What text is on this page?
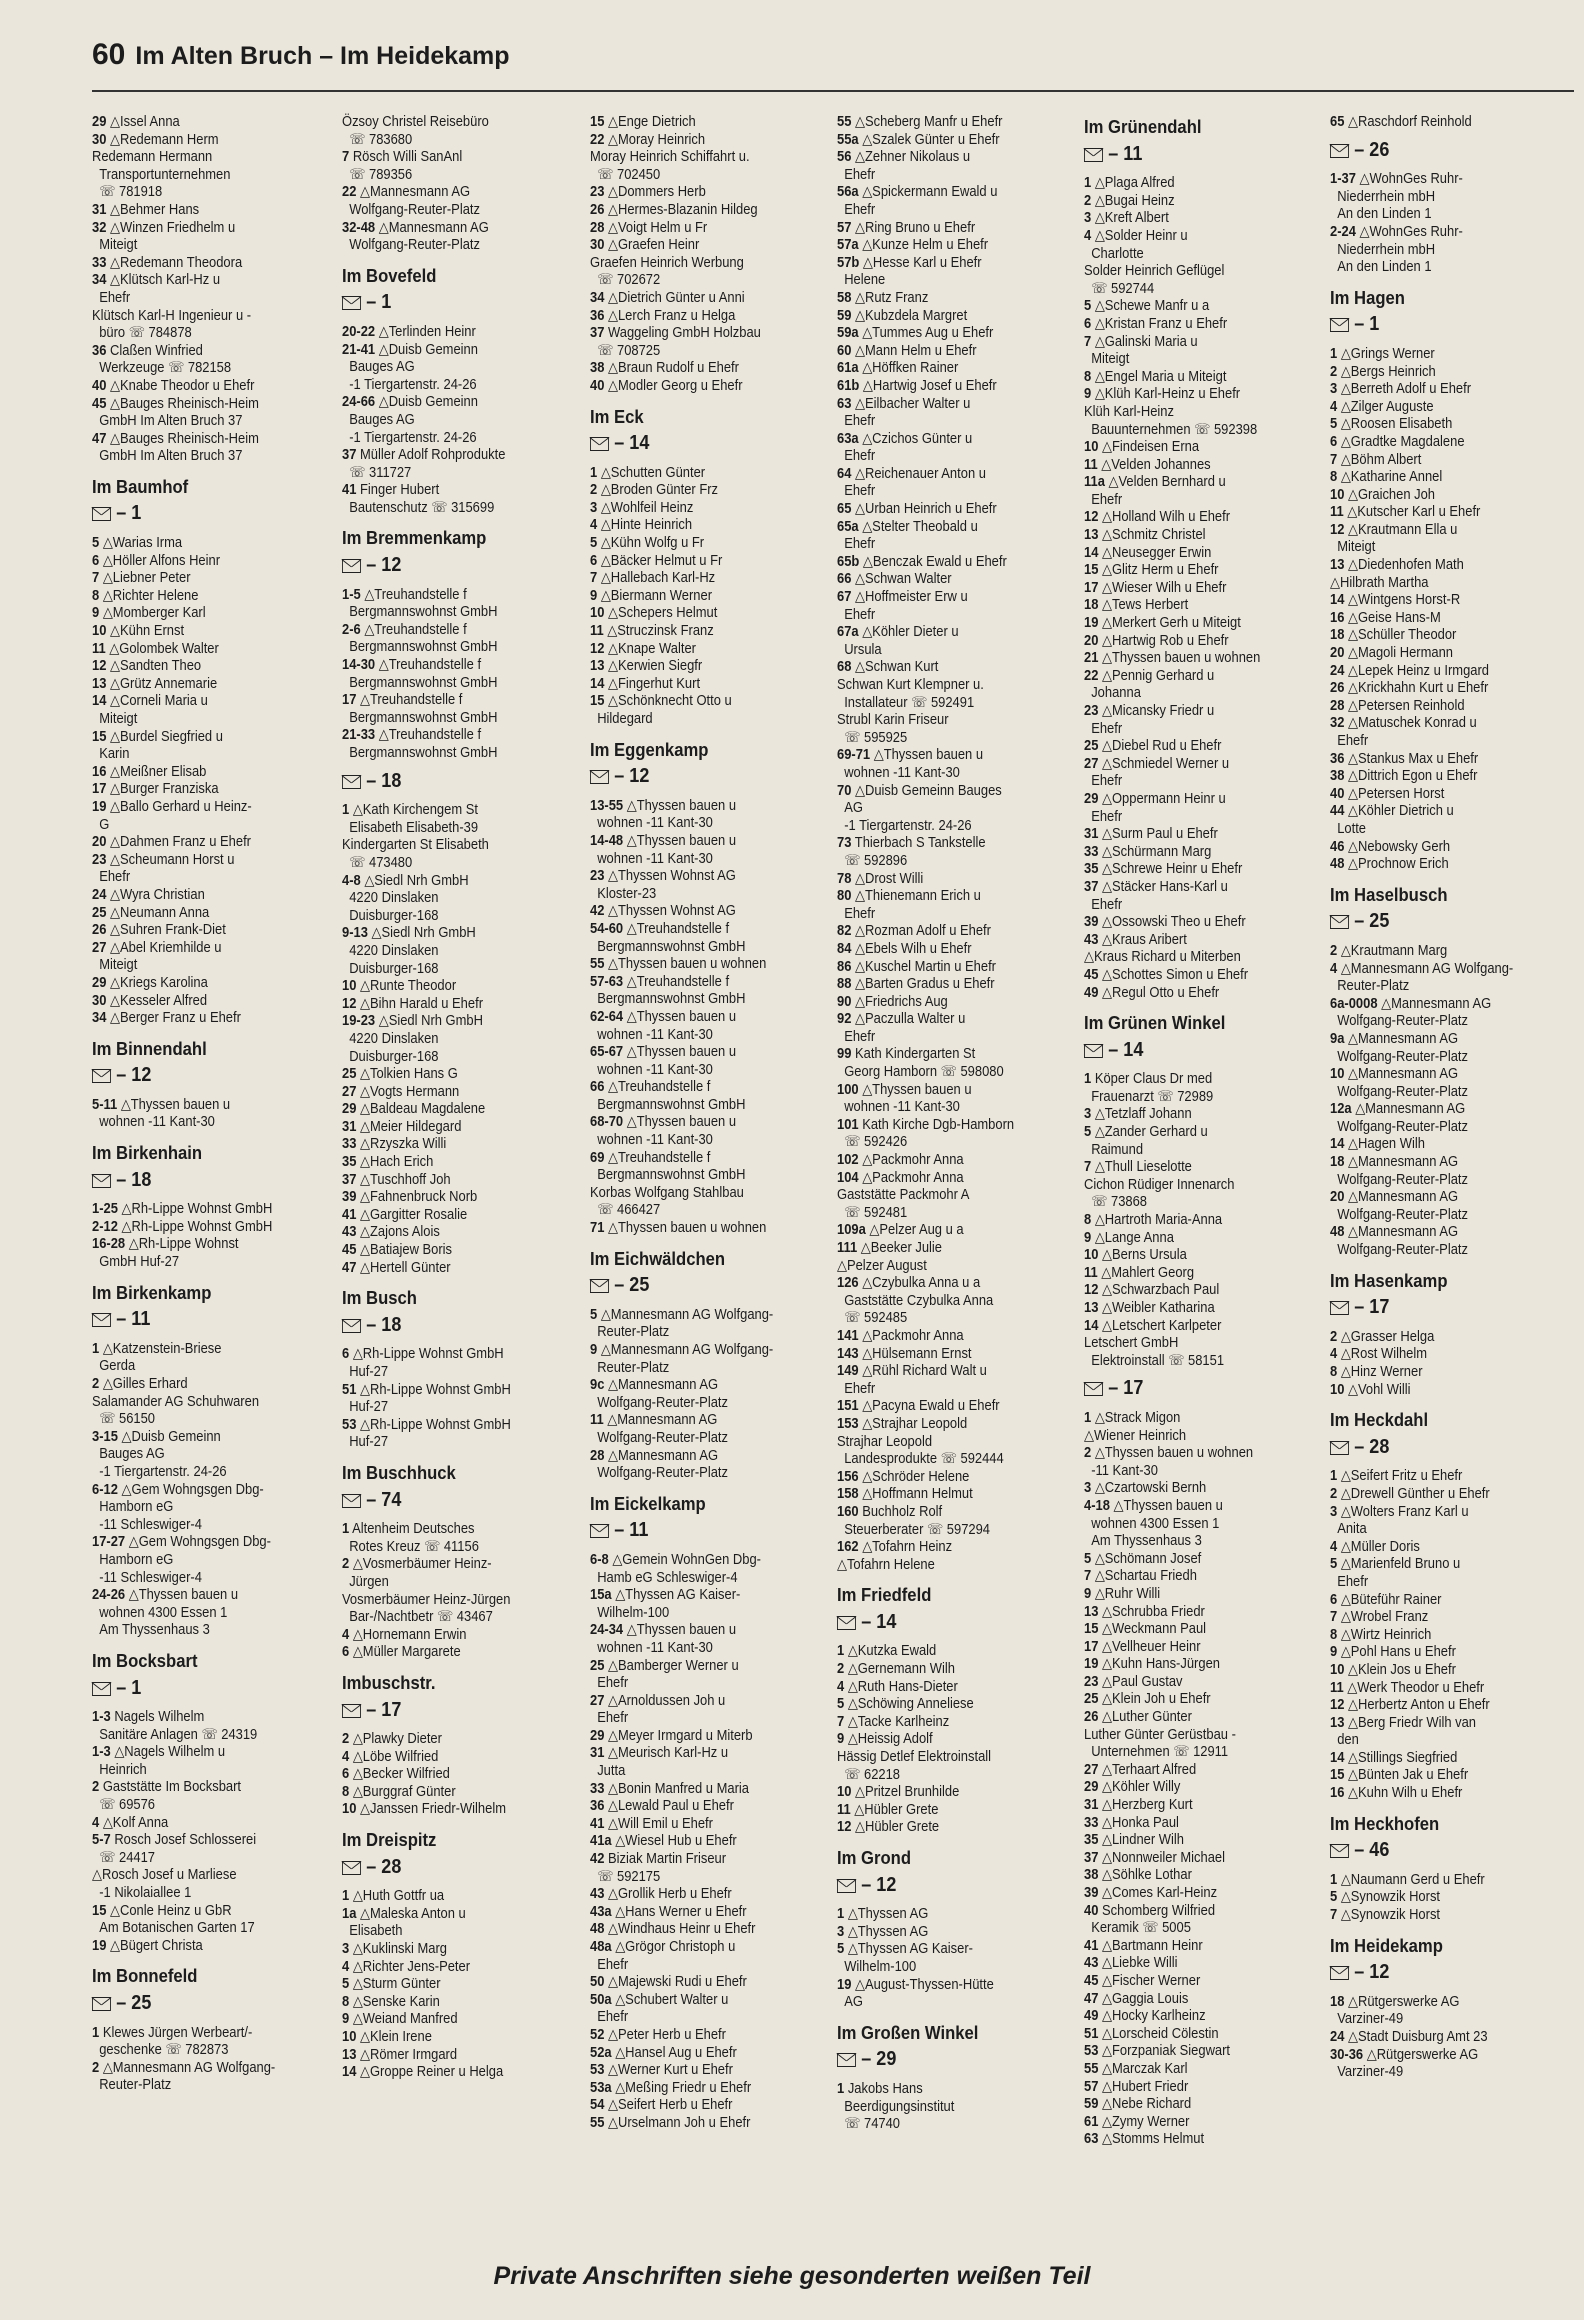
60 Im Alten Bruch – Im Heidekamp
29 △Issel Anna
30 △Redemann Herm
Redemann Hermann
Transportunternehmen
☏ 781918
31 △Behmer Hans
32 △Winzen Friedhelm u
Miteigt
33 △Redemann Theodora
34 △Klütsch Karl-Hz u
Ehefr
Klütsch Karl-H Ingenieur u -
büro ☏ 784878
36 Claßen Winfried
Werkzeuge ☏ 782158
40 △Knabe Theodor u Ehefr
45 △Bauges Rheinisch-Heim
GmbH Im Alten Bruch 37
47 △Bauges Rheinisch-Heim
GmbH Im Alten Bruch 37
Im Baumhof
– 1
5 △Warias Irma
6 △Höller Alfons Heinr
7 △Liebner Peter
8 △Richter Helene
9 △Momberger Karl
10 △Kühn Ernst
11 △Golombek Walter
12 △Sandten Theo
13 △Grütz Annemarie
14 △Corneli Maria u
Miteigt
15 △Burdel Siegfried u
Karin
16 △Meißner Elisab
17 △Burger Franziska
19 △Ballo Gerhard u Heinz-
G
20 △Dahmen Franz u Ehefr
23 △Scheumann Horst u
Ehefr
24 △Wyra Christian
25 △Neumann Anna
26 △Suhren Frank-Diet
27 △Abel Kriemhilde u
Miteigt
29 △Kriegs Karolina
30 △Kesseler Alfred
34 △Berger Franz u Ehefr
Im Binnendahl
– 12
5-11 △Thyssen bauen u
wohnen -11 Kant-30
Im Birkenhain
– 18
1-25 △Rh-Lippe Wohnst GmbH
2-12 △Rh-Lippe Wohnst GmbH
16-28 △Rh-Lippe Wohnst
GmbH Huf-27
Im Birkenkamp
– 11
1 △Katzenstein-Briese
Gerda
2 △Gilles Erhard
Salamander AG Schuhwaren
☏ 56150
3-15 △Duisb Gemeinn
Bauges AG
-1 Tiergartenstr. 24-26
6-12 △Gem Wohngsgen Dbg-
Hamborn eG
-11 Schleswiger-4
17-27 △Gem Wohngsgen Dbg-
Hamborn eG
-11 Schleswiger-4
24-26 △Thyssen bauen u
wohnen 4300 Essen 1
Am Thyssenhaus 3
Im Bocksbart
– 1
1-3 Nagels Wilhelm
Sanitäre Anlagen ☏ 24319
1-3 △Nagels Wilhelm u
Heinrich
2 Gaststätte Im Bocksbart
☏ 69576
4 △Kolf Anna
5-7 Rosch Josef Schlosserei
☏ 24417
△Rosch Josef u Marliese
-1 Nikolaiallee 1
15 △Conle Heinz u GbR
Am Botanischen Garten 17
19 △Bügert Christa
Im Bonnefeld
– 25
1 Klewes Jürgen Werbeart/-
geschenke ☏ 782873
2 △Mannesmann AG Wolfgang-
Reuter-Platz
Özsoy Christel Reisebüro
☏ 783680
7 Rösch Willi SanAnl
☏ 789356
22 △Mannesmann AG
Wolfgang-Reuter-Platz
32-48 △Mannesmann AG
Wolfgang-Reuter-Platz
Im Bovefeld
– 1
20-22 △Terlinden Heinr
21-41 △Duisb Gemeinn
Bauges AG
-1 Tiergartenstr. 24-26
24-66 △Duisb Gemeinn
Bauges AG
-1 Tiergartenstr. 24-26
37 Müller Adolf Rohprodukte
☏ 311727
41 Finger Hubert
Bautenschutz ☏ 315699
Im Bremmenkamp
– 12
1-5 △Treuhandstelle f
Bergmannswohnst GmbH
2-6 △Treuhandstelle f
Bergmannswohnst GmbH
14-30 △Treuhandstelle f
Bergmannswohnst GmbH
17 △Treuhandstelle f
Bergmannswohnst GmbH
21-33 △Treuhandstelle f
Bergmannswohnst GmbH
– 18
1 △Kath Kirchengem St
Elisabeth Elisabeth-39
Kindergarten St Elisabeth
☏ 473480
4-8 △Siedl Nrh GmbH
4220 Dinslaken
Duisburger-168
9-13 △Siedl Nrh GmbH
4220 Dinslaken
Duisburger-168
10 △Runte Theodor
12 △Bihn Harald u Ehefr
19-23 △Siedl Nrh GmbH
4220 Dinslaken
Duisburger-168
25 △Tolkien Hans G
27 △Vogts Hermann
29 △Baldeau Magdalene
31 △Meier Hildegard
33 △Rzyszka Willi
35 △Hach Erich
37 △Tuschhoff Joh
39 △Fahnenbruck Norb
41 △Gargitter Rosalie
43 △Zajons Alois
45 △Batiajew Boris
47 △Hertell Günter
Im Busch
– 18
6 △Rh-Lippe Wohnst GmbH
Huf-27
51 △Rh-Lippe Wohnst GmbH
Huf-27
53 △Rh-Lippe Wohnst GmbH
Huf-27
Im Buschhuck
– 74
1 Altenheim Deutsches
Rotes Kreuz ☏ 41156
2 △Vosmerbäumer Heinz-
Jürgen
Vosmerbäumer Heinz-Jürgen
Bar-/Nachtbetr ☏ 43467
4 △Hornemann Erwin
6 △Müller Margarete
Imbuschstr.
– 17
2 △Plawky Dieter
4 △Löbe Wilfried
6 △Becker Wilfried
8 △Burggraf Günter
10 △Janssen Friedr-Wilhelm
Im Dreispitz
– 28
1 △Huth Gottfr ua
1a △Maleska Anton u
Elisabeth
3 △Kuklinski Marg
4 △Richter Jens-Peter
5 △Sturm Günter
8 △Senske Karin
9 △Weiand Manfred
10 △Klein Irene
13 △Römer Irmgard
14 △Groppe Reiner u Helga
15 △Enge Dietrich
22 △Moray Heinrich
Moray Heinrich Schiffahrt u.
☏ 702450
23 △Dommers Herb
26 △Hermes-Blazanin Hildeg
28 △Voigt Helm u Fr
30 △Graefen Heinr
Graefen Heinrich Werbung
☏ 702672
34 △Dietrich Günter u Anni
36 △Lerch Franz u Helga
37 Waggeling GmbH Holzbau
☏ 708725
38 △Braun Rudolf u Ehefr
40 △Modler Georg u Ehefr
Im Eck
– 14
1 △Schutten Günter
2 △Broden Günter Frz
3 △Wohlfeil Heinz
4 △Hinte Heinrich
5 △Kühn Wolfg u Fr
6 △Bäcker Helmut u Fr
7 △Hallebach Karl-Hz
9 △Biermann Werner
10 △Schepers Helmut
11 △Struczinsk Franz
12 △Knape Walter
13 △Kerwien Siegfr
14 △Fingerhut Kurt
15 △Schönknecht Otto u
Hildegard
Im Eggenkamp
– 12
13-55 △Thyssen bauen u
wohnen -11 Kant-30
14-48 △Thyssen bauen u
wohnen -11 Kant-30
23 △Thyssen Wohnst AG
Kloster-23
42 △Thyssen Wohnst AG
54-60 △Treuhandstelle f
Bergmannswohnst GmbH
55 △Thyssen bauen u wohnen
57-63 △Treuhandstelle f
Bergmannswohnst GmbH
62-64 △Thyssen bauen u
wohnen -11 Kant-30
65-67 △Thyssen bauen u
wohnen -11 Kant-30
66 △Treuhandstelle f
Bergmannswohnst GmbH
68-70 △Thyssen bauen u
wohnen -11 Kant-30
69 △Treuhandstelle f
Bergmannswohnst GmbH
Korbas Wolfgang Stahlbau
☏ 466427
71 △Thyssen bauen u wohnen
Im Eichwäldchen
– 25
5 △Mannesmann AG Wolfgang-
Reuter-Platz
9 △Mannesmann AG Wolfgang-
Reuter-Platz
9c △Mannesmann AG
Wolfgang-Reuter-Platz
11 △Mannesmann AG
Wolfgang-Reuter-Platz
28 △Mannesmann AG
Wolfgang-Reuter-Platz
Im Eickelkamp
– 11
6-8 △Gemein WohnGen Dbg-
Hamb eG Schleswiger-4
15a △Thyssen AG Kaiser-
Wilhelm-100
24-34 △Thyssen bauen u
wohnen -11 Kant-30
25 △Bamberger Werner u
Ehefr
27 △Arnoldussen Joh u
Ehefr
29 △Meyer Irmgard u Miterb
31 △Meurisch Karl-Hz u
Jutta
33 △Bonin Manfred u Maria
36 △Lewald Paul u Ehefr
41 △Will Emil u Ehefr
41a △Wiesel Hub u Ehefr
42 Biziak Martin Friseur
☏ 592175
43 △Grollik Herb u Ehefr
43a △Hans Werner u Ehefr
48 △Windhaus Heinr u Ehefr
48a △Grögor Christoph u
Ehefr
50 △Majewski Rudi u Ehefr
50a △Schubert Walter u
Ehefr
52 △Peter Herb u Ehefr
52a △Hansel Aug u Ehefr
53 △Werner Kurt u Ehefr
53a △Meßing Friedr u Ehefr
54 △Seifert Herb u Ehefr
55 △Urselmann Joh u Ehefr
55 △Scheberg Manfr u Ehefr
55a △Szalek Günter u Ehefr
56 △Zehner Nikolaus u
Ehefr
56a △Spickermann Ewald u
Ehefr
57 △Ring Bruno u Ehefr
57a △Kunze Helm u Ehefr
57b △Hesse Karl u Ehefr
Helene
58 △Rutz Franz
59 △Kubzdela Margret
59a △Tummes Aug u Ehefr
60 △Mann Helm u Ehefr
61a △Höffken Rainer
61b △Hartwig Josef u Ehefr
63 △Eilbacher Walter u
Ehefr
63a △Czichos Günter u
Ehefr
64 △Reichenauer Anton u
Ehefr
65 △Urban Heinrich u Ehefr
65a △Stelter Theobald u
Ehefr
65b △Benczak Ewald u Ehefr
66 △Schwan Walter
67 △Hoffmeister Erw u
Ehefr
67a △Köhler Dieter u
Ursula
68 △Schwan Kurt
Schwan Kurt Klempner u.
Installateur ☏ 592491
Strubl Karin Friseur
☏ 595925
69-71 △Thyssen bauen u
wohnen -11 Kant-30
70 △Duisb Gemeinn Bauges
AG
-1 Tiergartenstr. 24-26
73 Thierbach S Tankstelle
☏ 592896
78 △Drost Willi
80 △Thienemann Erich u
Ehefr
82 △Rozman Adolf u Ehefr
84 △Ebels Wilh u Ehefr
86 △Kuschel Martin u Ehefr
88 △Barten Gradus u Ehefr
90 △Friedrichs Aug
92 △Paczulla Walter u
Ehefr
99 Kath Kindergarten St
Georg Hamborn ☏ 598080
100 △Thyssen bauen u
wohnen -11 Kant-30
101 Kath Kirche Dgb-Hamborn
☏ 592426
102 △Packmohr Anna
104 △Packmohr Anna
Gaststätte Packmohr A
☏ 592481
109a △Pelzer Aug u a
111 △Beeker Julie
△Pelzer August
126 △Czybulka Anna u a
Gaststätte Czybulka Anna
☏ 592485
141 △Packmohr Anna
143 △Hülsemann Ernst
149 △Rühl Richard Walt u
Ehefr
151 △Pacyna Ewald u Ehefr
153 △Strajhar Leopold
Strajhar Leopold
Landesprodukte ☏ 592444
156 △Schröder Helene
158 △Hoffmann Helmut
160 Buchholz Rolf
Steuerberater ☏ 597294
162 △Tofahrn Heinz
△Tofahrn Helene
Im Friedfeld
– 14
1 △Kutzka Ewald
2 △Gernemann Wilh
4 △Ruth Hans-Dieter
5 △Schöwing Anneliese
7 △Tacke Karlheinz
9 △Heissig Adolf
Hässig Detlef Elektroinstall
☏ 62218
10 △Pritzel Brunhilde
11 △Hübler Grete
12 △Hübler Grete
Im Grond
– 12
1 △Thyssen AG
3 △Thyssen AG
5 △Thyssen AG Kaiser-
Wilhelm-100
19 △August-Thyssen-Hütte
AG
Im Großen Winkel
– 29
1 Jakobs Hans
Beerdigungsinstitut
☏ 74740
Im Grünendahl
– 11
1 △Plaga Alfred
2 △Bugai Heinz
3 △Kreft Albert
4 △Solder Heinr u
Charlotte
Solder Heinrich Geflügel
☏ 592744
5 △Schewe Manfr u a
6 △Kristan Franz u Ehefr
7 △Galinski Maria u
Miteigt
8 △Engel Maria u Miteigt
9 △Klüh Karl-Heinz u Ehefr
Klüh Karl-Heinz
Bauunternehmen ☏ 592398
10 △Findeisen Erna
11 △Velden Johannes
11a △Velden Bernhard u
Ehefr
12 △Holland Wilh u Ehefr
13 △Schmitz Christel
14 △Neusegger Erwin
15 △Glitz Herm u Ehefr
17 △Wieser Wilh u Ehefr
18 △Tews Herbert
19 △Merkert Gerh u Miteigt
20 △Hartwig Rob u Ehefr
21 △Thyssen bauen u wohnen
22 △Pennig Gerhard u
Johanna
23 △Micansky Friedr u
Ehefr
25 △Diebel Rud u Ehefr
27 △Schmiedel Werner u
Ehefr
29 △Oppermann Heinr u
Ehefr
31 △Surm Paul u Ehefr
33 △Schürmann Marg
35 △Schrewe Heinr u Ehefr
37 △Stäcker Hans-Karl u
Ehefr
39 △Ossowski Theo u Ehefr
43 △Kraus Aribert
△Kraus Richard u Miterben
45 △Schottes Simon u Ehefr
49 △Regul Otto u Ehefr
Im Grünen Winkel
– 14
1 Köper Claus Dr med
Frauenarzt ☏ 72989
3 △Tetzlaff Johann
5 △Zander Gerhard u
Raimund
7 △Thull Lieselotte
Cichon Rüdiger Innenarch
☏ 73868
8 △Hartroth Maria-Anna
9 △Lange Anna
10 △Berns Ursula
11 △Mahlert Georg
12 △Schwarzbach Paul
13 △Weibler Katharina
14 △Letschert Karlpeter
Letschert GmbH
Elektroinstall ☏ 58151
– 17
1 △Strack Migon
△Wiener Heinrich
2 △Thyssen bauen u wohnen
-11 Kant-30
3 △Czartowski Bernh
4-18 △Thyssen bauen u
wohnen 4300 Essen 1
Am Thyssenhaus 3
5 △Schömann Josef
7 △Schartau Friedh
9 △Ruhr Willi
13 △Schrubba Friedr
15 △Weckmann Paul
17 △Vellheuer Heinr
19 △Kuhn Hans-Jürgen
23 △Paul Gustav
25 △Klein Joh u Ehefr
26 △Luther Günter
Luther Günter Gerüstbau -
Unternehmen ☏ 12911
27 △Terhaart Alfred
29 △Köhler Willy
31 △Herzberg Kurt
33 △Honka Paul
35 △Lindner Wilh
37 △Nonnweiler Michael
38 △Söhlke Lothar
39 △Comes Karl-Heinz
40 Schomberg Wilfried
Keramik ☏ 5005
41 △Bartmann Heinr
43 △Liebke Willi
45 △Fischer Werner
47 △Gaggia Louis
49 △Hocky Karlheinz
51 △Lorscheid Cölestin
53 △Forzpaniak Siegwart
55 △Marczak Karl
57 △Hubert Friedr
59 △Nebe Richard
61 △Zymy Werner
63 △Stomms Helmut
65 △Raschdorf Reinhold
– 26
1-37 △WohnGes Ruhr-
Niederrhein mbH
An den Linden 1
2-24 △WohnGes Ruhr-
Niederrhein mbH
An den Linden 1
Im Hagen
– 1
1 △Grings Werner
2 △Bergs Heinrich
3 △Berreth Adolf u Ehefr
4 △Zilger Auguste
5 △Roosen Elisabeth
6 △Gradtke Magdalene
7 △Böhm Albert
8 △Katharine Annel
10 △Graichen Joh
11 △Kutscher Karl u Ehefr
12 △Krautmann Ella u
Miteigt
13 △Diedenhofen Math
△Hilbrath Martha
14 △Wintgens Horst-R
16 △Geise Hans-M
18 △Schüller Theodor
20 △Magoli Hermann
24 △Lepek Heinz u Irmgard
26 △Krickhahn Kurt u Ehefr
28 △Petersen Reinhold
32 △Matuschek Konrad u
Ehefr
36 △Stankus Max u Ehefr
38 △Dittrich Egon u Ehefr
40 △Petersen Horst
44 △Köhler Dietrich u
Lotte
46 △Nebowsky Gerh
48 △Prochnow Erich
Im Haselbusch
– 25
2 △Krautmann Marg
4 △Mannesmann AG Wolfgang-
Reuter-Platz
6a-0008 △Mannesmann AG
Wolfgang-Reuter-Platz
9a △Mannesmann AG
Wolfgang-Reuter-Platz
10 △Mannesmann AG
Wolfgang-Reuter-Platz
12a △Mannesmann AG
Wolfgang-Reuter-Platz
14 △Hagen Wilh
18 △Mannesmann AG
Wolfgang-Reuter-Platz
20 △Mannesmann AG
Wolfgang-Reuter-Platz
48 △Mannesmann AG
Wolfgang-Reuter-Platz
Im Hasenkamp
– 17
2 △Grasser Helga
4 △Rost Wilhelm
8 △Hinz Werner
10 △Vohl Willi
Im Heckdahl
– 28
1 △Seifert Fritz u Ehefr
2 △Drewell Günther u Ehefr
3 △Wolters Franz Karl u
Anita
4 △Müller Doris
5 △Marienfeld Bruno u
Ehefr
6 △Büteführ Rainer
7 △Wrobel Franz
8 △Wirtz Heinrich
9 △Pohl Hans u Ehefr
10 △Klein Jos u Ehefr
11 △Werk Theodor u Ehefr
12 △Herbertz Anton u Ehefr
13 △Berg Friedr Wilh van
den
14 △Stillings Siegfried
15 △Bünten Jak u Ehefr
16 △Kuhn Wilh u Ehefr
Im Heckhofen
– 46
1 △Naumann Gerd u Ehefr
5 △Synowzik Horst
7 △Synowzik Horst
Im Heidekamp
– 12
18 △Rütgerswerke AG
Varziner-49
24 △Stadt Duisburg Amt 23
30-36 △Rütgerswerke AG
Varziner-49
Private Anschriften siehe gesonderten weißen Teil
